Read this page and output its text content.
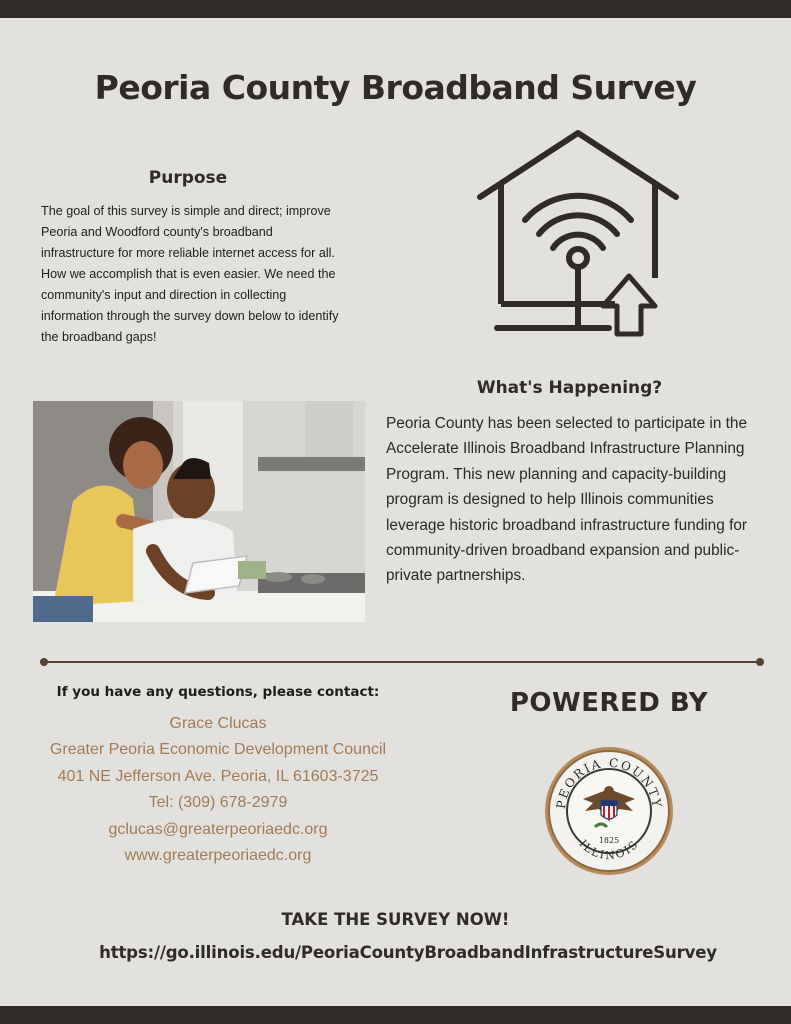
Peoria County Broadband Survey
Purpose
The goal of this survey is simple and direct; improve Peoria and Woodford county's broadband infrastructure for more reliable internet access for all. How we accomplish that is even easier. We need the community's input and direction in collecting information through the survey down below to identify the broadband gaps!
What's Happening?
Peoria County has been selected to participate in the Accelerate Illinois Broadband Infrastructure Planning Program. This new planning and capacity-building program is designed to help Illinois communities leverage historic broadband infrastructure funding for community-driven broadband expansion and public-private partnerships.
If you have any questions, please contact:
Grace Clucas
Greater Peoria Economic Development Council
401 NE Jefferson Ave. Peoria, IL 61603-3725
Tel: (309) 678-2979
gclucas@greaterpeoriaedc.org
www.greaterpeoriaedc.org
POWERED BY
PEORIA COUNTY
ILLINOIS
1825
TAKE THE SURVEY NOW!
https://go.illinois.edu/PeoriaCountyBroadbandInfrastructureSurvey
